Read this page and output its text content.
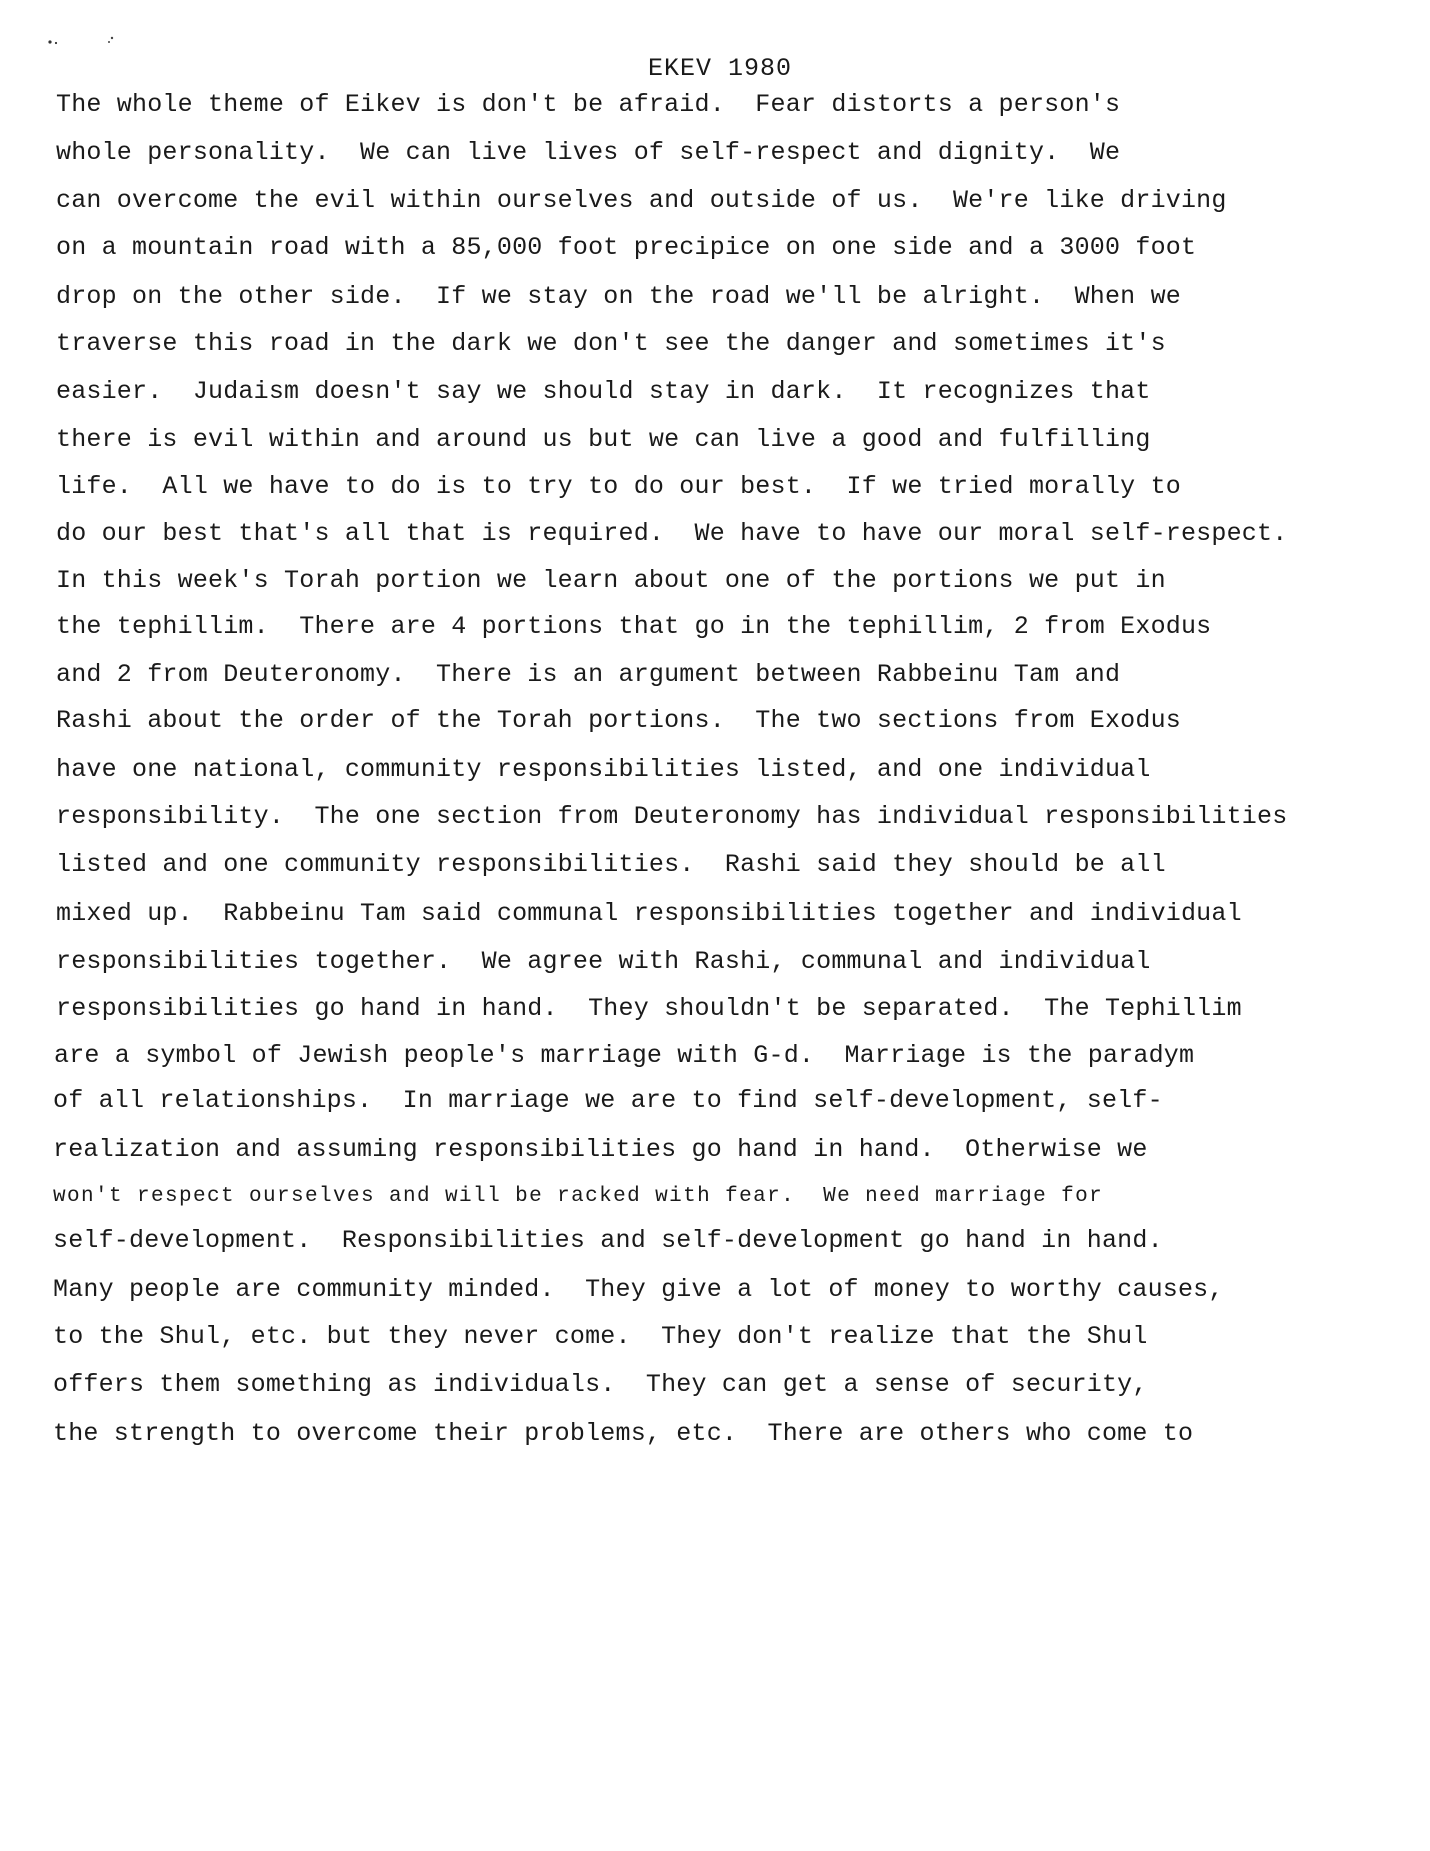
EKEV 1980
The whole theme of Eikev is don't be afraid.  Fear distorts a person's
whole personality.  We can live lives of self-respect and dignity.  We
can overcome the evil within ourselves and outside of us.  We're like driving
on a mountain road with a 85,000 foot precipice on one side and a 3000 foot
drop on the other side.  If we stay on the road we'll be alright.  When we
traverse this road in the dark we don't see the danger and sometimes it's
easier.  Judaism doesn't say we should stay in dark.  It recognizes that
there is evil within and around us but we can live a good and fulfilling
life.  All we have to do is to try to do our best.  If we tried morally to
do our best that's all that is required.  We have to have our moral self-respect.
In this week's Torah portion we learn about one of the portions we put in
the tephillim.  There are 4 portions that go in the tephillim, 2 from Exodus
and 2 from Deuteronomy.  There is an argument between Rabbeinu Tam and
Rashi about the order of the Torah portions.  The two sections from Exodus
have one national, community responsibilities listed, and one individual
responsibility.  The one section from Deuteronomy has individual responsibilities
listed and one community responsibilities.  Rashi said they should be all
mixed up.  Rabbeinu Tam said communal responsibilities together and individual
responsibilities together.  We agree with Rashi, communal and individual
responsibilities go hand in hand.  They shouldn't be separated.  The Tephillim
are a symbol of Jewish people's marriage with G-d.  Marriage is the paradym
of all relationships.  In marriage we are to find self-development, self-
realization and assuming responsibilities go hand in hand.  Otherwise we
won't respect ourselves and will be racked with fear.  We need marriage for
self-development.  Responsibilities and self-development go hand in hand.
Many people are community minded.  They give a lot of money to worthy causes,
to the Shul, etc. but they never come.  They don't realize that the Shul
offers them something as individuals.  They can get a sense of security,
the strength to overcome their problems, etc.  There are others who come to
